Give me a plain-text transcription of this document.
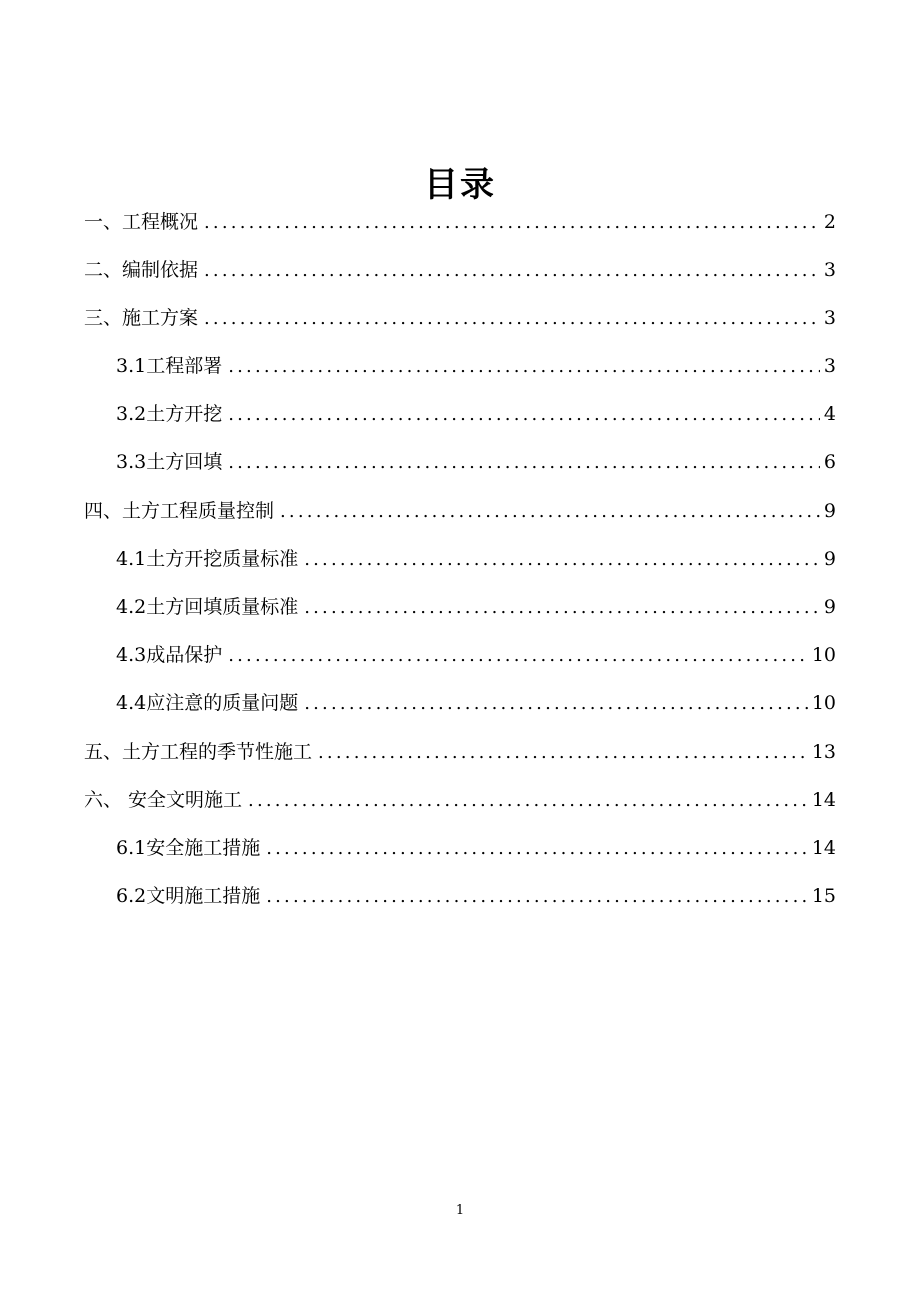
目录
一、工程概况 .....	2
二、编制依据 .....	3
三、施工方案 .....	3
3.1工程部署 .....	3
3.2土方开挖 .....	4
3.3土方回填 .....	6
四、土方工程质量控制 .....	9
4.1土方开挖质量标准 .....	9
4.2土方回填质量标准 .....	9
4.3成品保护 .....	10
4.4应注意的质量问题 .....	10
五、土方工程的季节性施工 .....	13
六、 安全文明施工 .....	14
6.1安全施工措施 .....	14
6.2文明施工措施 .....	15
1
